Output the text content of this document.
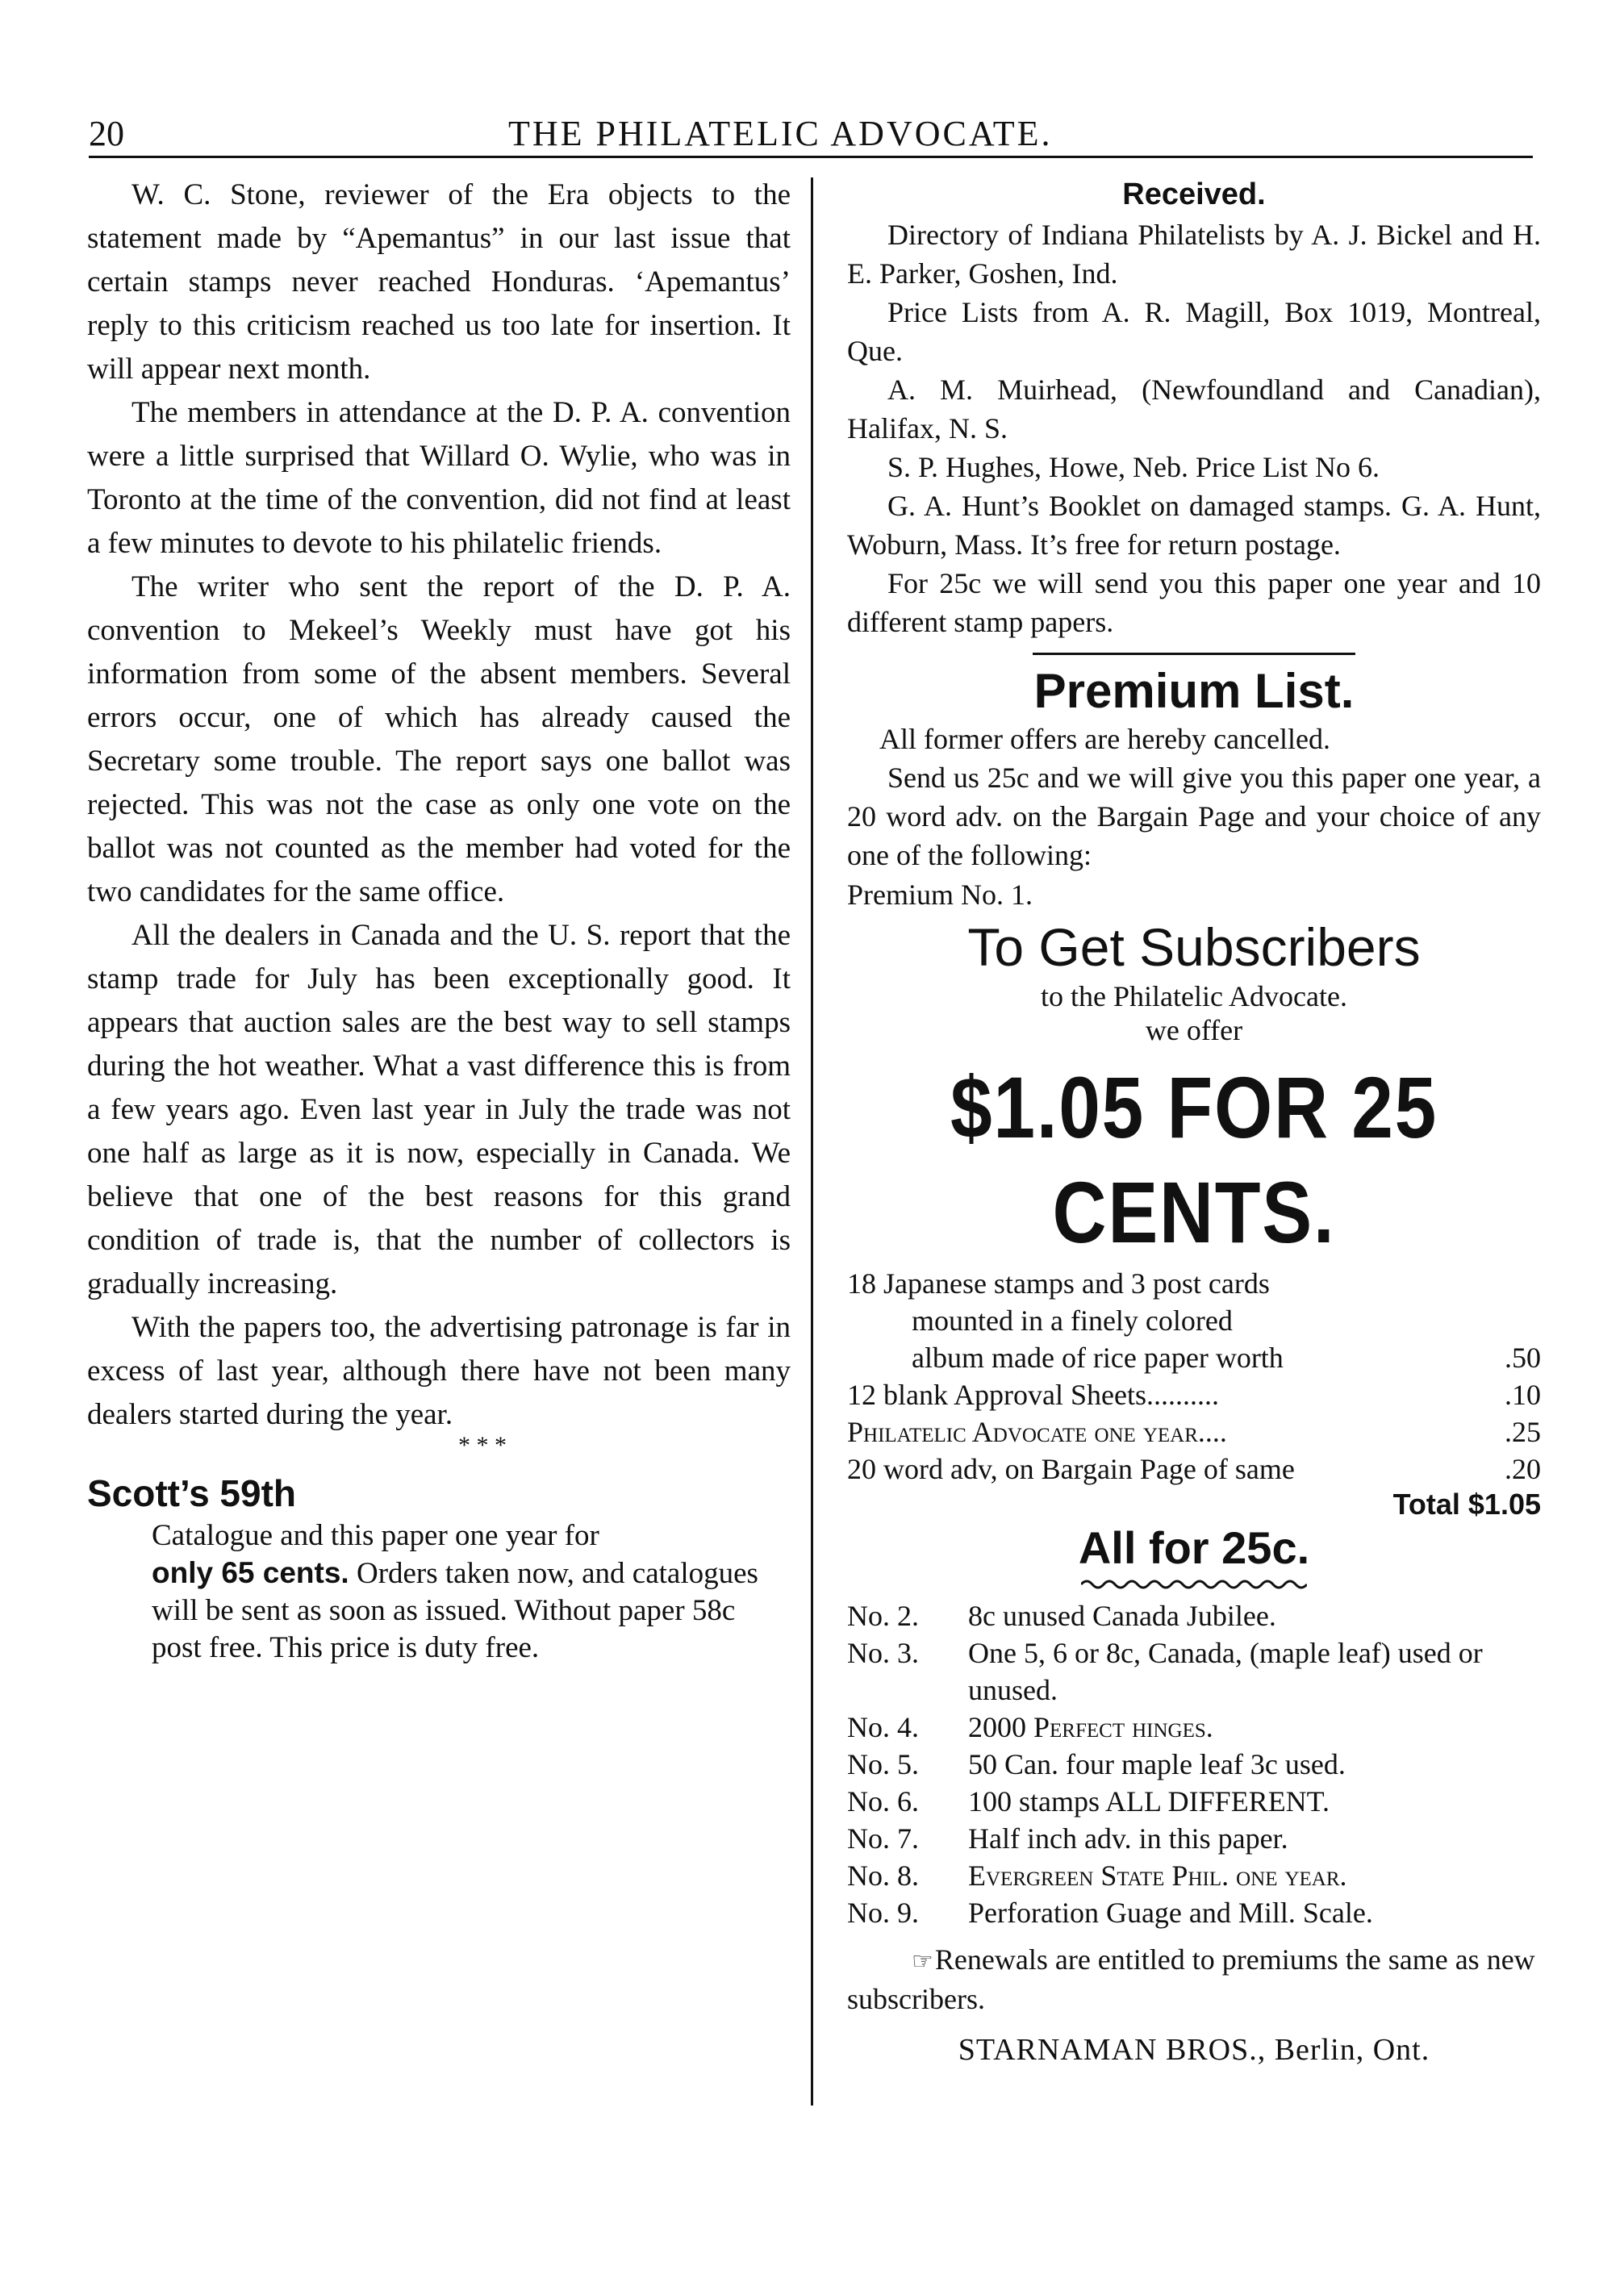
20	THE PHILATELIC ADVOCATE.

W. C. Stone, reviewer of the Era objects to the statement made by “Apemantus” in our last issue that certain stamps never reached Honduras. ‘Apemantus’ reply to this criticism reached us too late for insertion. It will appear next month.

The members in attendance at the D. P. A. convention were a little surprised that Willard O. Wylie, who was in Toronto at the time of the convention, did not find at least a few minutes to devote to his philatelic friends.

The writer who sent the report of the D. P. A. convention to Mekeel’s Weekly must have got his information from some of the absent members. Several errors occur, one of which has already caused the Secretary some trouble. The report says one ballot was rejected. This was not the case as only one vote on the ballot was not counted as the member had voted for the two candidates for the same office.

All the dealers in Canada and the U. S. report that the stamp trade for July has been exceptionally good. It appears that auction sales are the best way to sell stamps during the hot weather. What a vast difference this is from a few years ago. Even last year in July the trade was not one half as large as it is now, especially in Canada. We believe that one of the best reasons for this grand condition of trade is, that the number of collectors is gradually increasing.

With the papers too, the advertising patronage is far in excess of last year, although there have not been many dealers started during the year.

* * *

Scott’s 59th

Catalogue and this paper one year for
only 65 cents. Orders taken now, and catalogues will be sent as soon as issued. Without paper 58c post free. This price is duty free.

Received.

Directory of Indiana Philatelists by A. J. Bickel and H. E. Parker, Goshen, Ind.

Price Lists from A. R. Magill, Box 1019, Montreal, Que.

A. M. Muirhead, (Newfoundland and Canadian), Halifax, N. S.

S. P. Hughes, Howe, Neb. Price List No 6.

G. A. Hunt’s Booklet on damaged stamps. G. A. Hunt, Woburn, Mass. It’s free for return postage.

For 25c we will send you this paper one year and 10 different stamp papers.

Premium List.

All former offers are hereby cancelled.

Send us 25c and we will give you this paper one year, a 20 word adv. on the Bargain Page and your choice of any one of the following:

Premium No. 1.

To Get Subscribers

to the Philatelic Advocate.

we offer

$1.05 FOR 25 CENTS.

18 Japanese stamps and 3 post cards
mounted in a finely colored
album made of rice paper worth	.50
12 blank Approval Sheets..........	.10
Philatelic Advocate one year....	.25
20 word adv, on Bargain Page of same	.20

Total $1.05

All for 25c.

No. 2.	8c unused Canada Jubilee.
No. 3.	One 5, 6 or 8c, Canada, (maple leaf) used or unused.
No. 4.	2000 Perfect hinges.
No. 5.	50 Can. four maple leaf 3c used.
No. 6.	100 stamps ALL DIFFERENT.
No. 7.	Half inch adv. in this paper.
No. 8.	Evergreen State Phil. one year.
No. 9.	Perforation Guage and Mill. Scale.

☞Renewals are entitled to premiums the same as new subscribers.

STARNAMAN BROS., Berlin, Ont.
